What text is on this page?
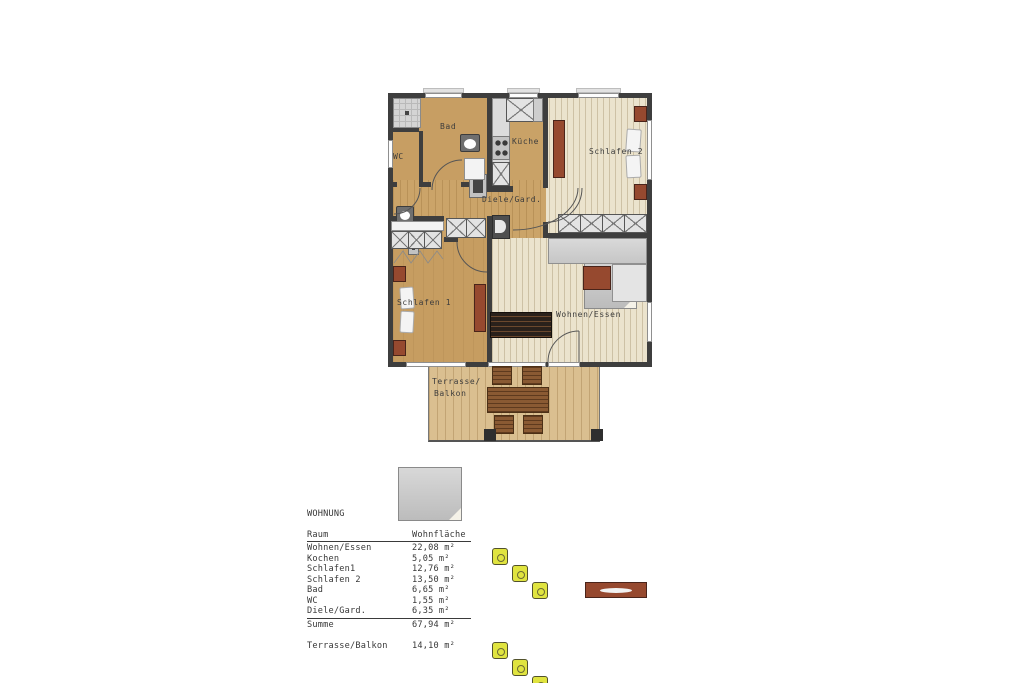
Bad
WC
Küche
Schlafen 2
Diele/Gard.
Schlafen 1
Wohnen/Essen
Terrasse/
Balkon
WOHNUNG
Raum	Wohnfläche
Wohnen/Essen	22,08 m²
Kochen	5,05 m²
Schlafen1	12,76 m²
Schlafen 2	13,50 m²
Bad	6,65 m²
WC	1,55 m²
Diele/Gard.	6,35 m²
Summe	67,94 m²
Terrasse/Balkon	14,10 m²
